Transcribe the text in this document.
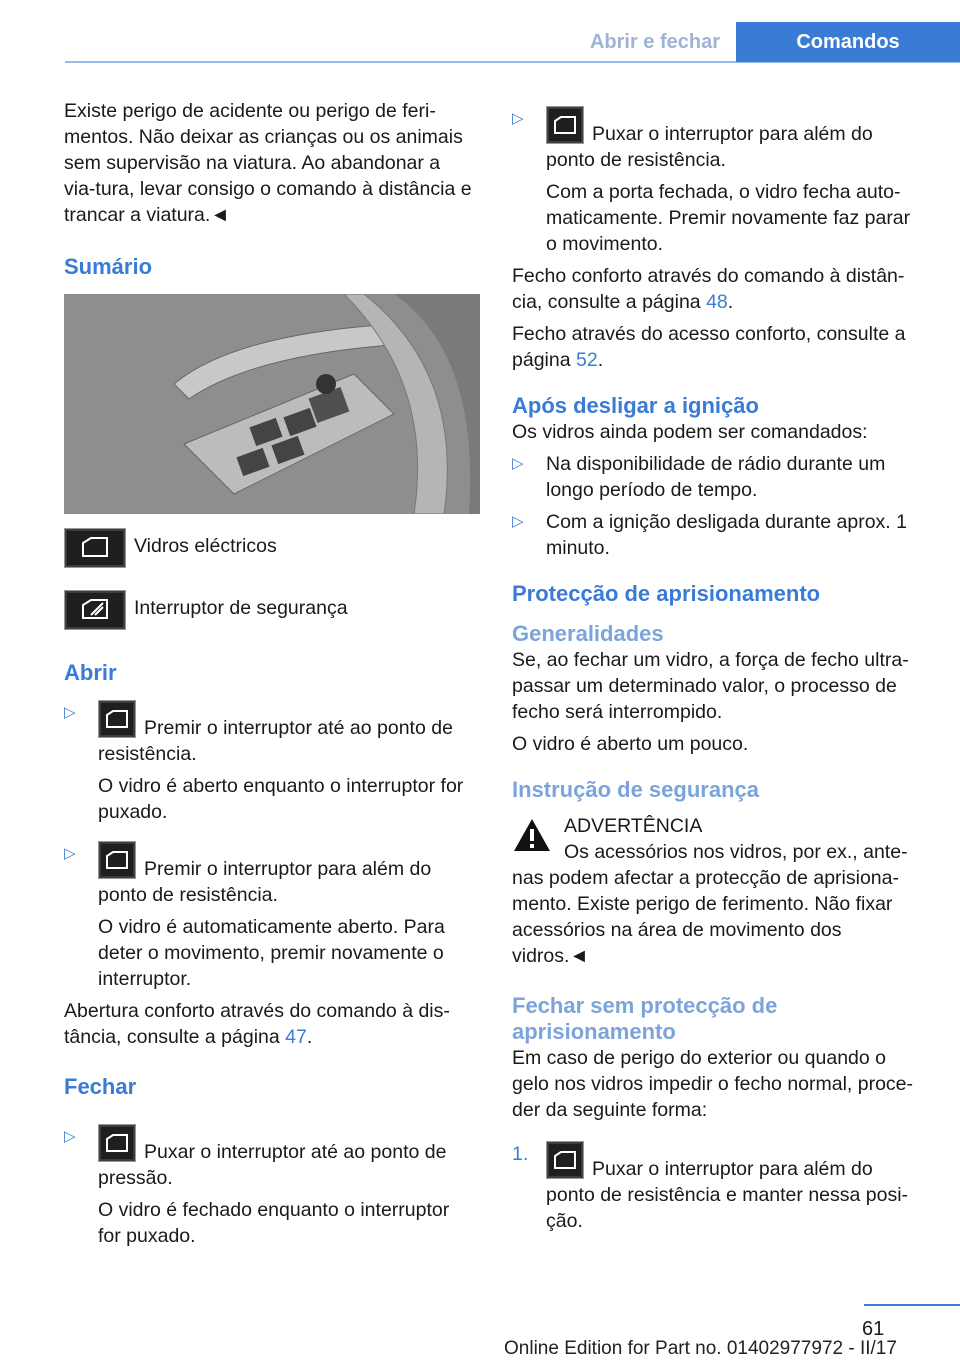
Abrir e fechar	Comandos

Existe perigo de acidente ou perigo de feri-mentos. Não deixar as crianças ou os animais sem supervisão na viatura. Ao abandonar a via-tura, levar consigo o comando à distância e trancar a viatura.◄

Sumário
Vidros eléctricos
Interruptor de segurança
Abrir
▷
Premir o interruptor até ao ponto de resistência.

O vidro é aberto enquanto o interruptor for puxado.

▷
Premir o interruptor para além do ponto de resistência.

O vidro é automaticamente aberto. Para deter o movimento, premir novamente o interruptor.

Abertura conforto através do comando à dis-tância, consulte a página 47.

Fechar
▷
Puxar o interruptor até ao ponto de pressão.

O vidro é fechado enquanto o interruptor for puxado.

▷
Puxar o interruptor para além do ponto de resistência.

Com a porta fechada, o vidro fecha auto-maticamente. Premir novamente faz parar o movimento.

Fecho conforto através do comando à distân-cia, consulte a página 48.

Fecho através do acesso conforto, consulte a página 52.

Após desligar a ignição

Os vidros ainda podem ser comandados:

▷ Na disponibilidade de rádio durante um longo período de tempo.
▷ Com a ignição desligada durante aprox. 1 minuto.
Protecção de aprisionamento
Generalidades

Se, ao fechar um vidro, a força de fecho ultra-passar um determinado valor, o processo de fecho será interrompido.

O vidro é aberto um pouco.

Instrução de segurança
ADVERTÊNCIA

Os acessórios nos vidros, por ex., ante-nas podem afectar a protecção de aprisiona-mento. Existe perigo de ferimento. Não fixar acessórios na área de movimento dos vidros.◄

Fechar sem protecção de aprisionamento

Em caso de perigo do exterior ou quando o gelo nos vidros impedir o fecho normal, proce-der da seguinte forma:

1.
Puxar o interruptor para além do ponto de resistência e manter nessa posi-ção.
61
Online Edition for Part no. 01402977972 - II/17
